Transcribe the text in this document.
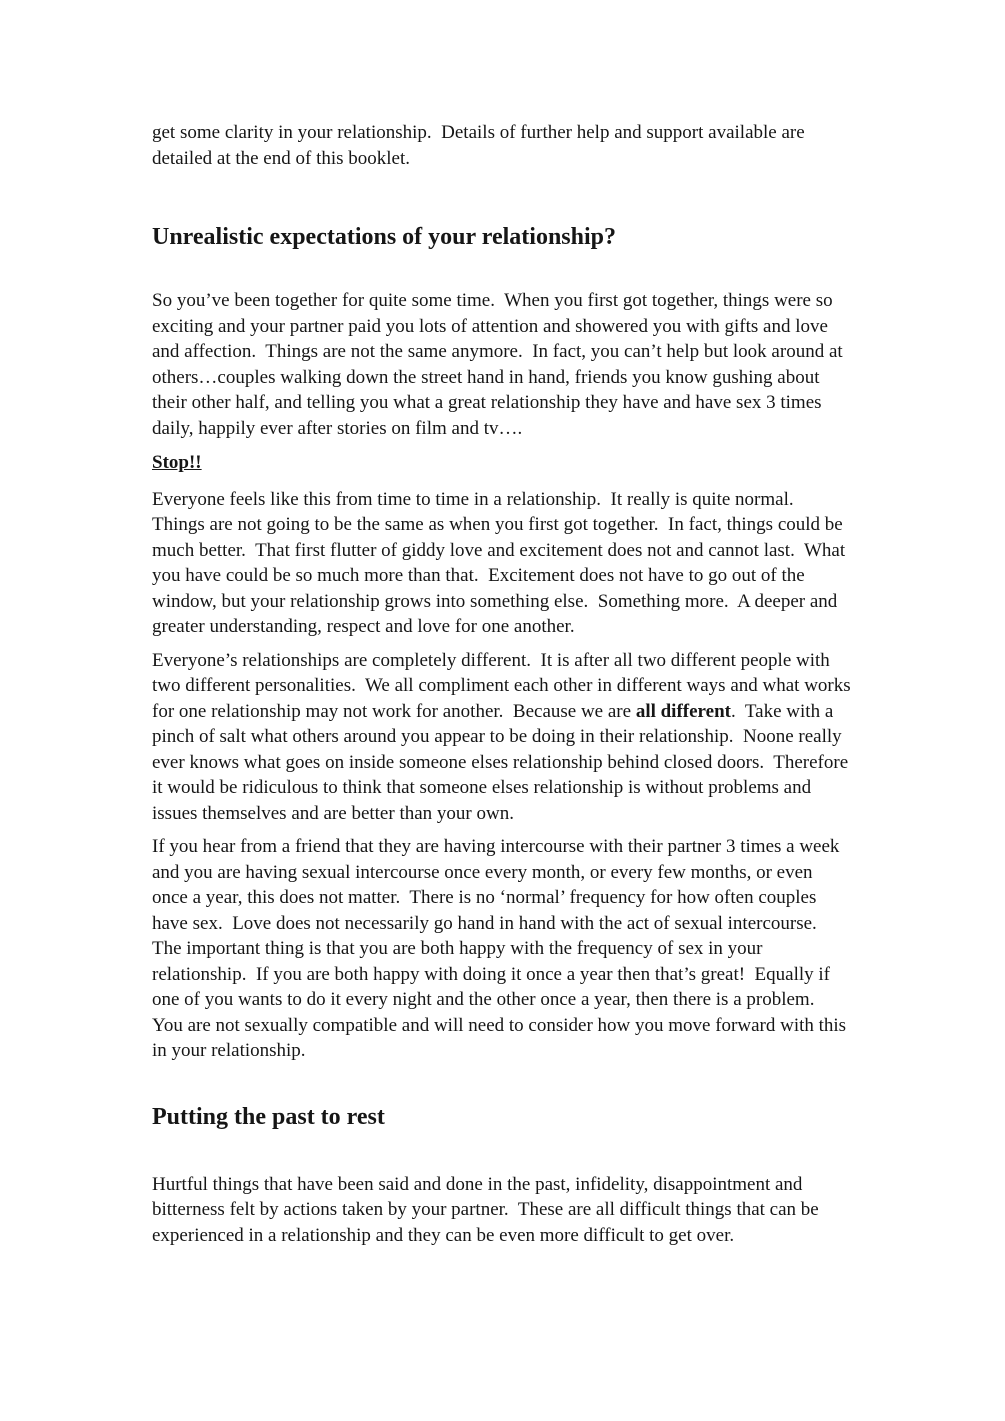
get some clarity in your relationship.  Details of further help and support available are detailed at the end of this booklet.

Unrealistic expectations of your relationship?

So you’ve been together for quite some time.  When you first got together, things were so exciting and your partner paid you lots of attention and showered you with gifts and love and affection.  Things are not the same anymore.  In fact, you can’t help but look around at others…couples walking down the street hand in hand, friends you know gushing about their other half, and telling you what a great relationship they have and have sex 3 times daily, happily ever after stories on film and tv….

Stop!!

Everyone feels like this from time to time in a relationship.  It really is quite normal.  Things are not going to be the same as when you first got together.  In fact, things could be much better.  That first flutter of giddy love and excitement does not and cannot last.  What you have could be so much more than that.  Excitement does not have to go out of the window, but your relationship grows into something else.  Something more.  A deeper and greater understanding, respect and love for one another.

Everyone’s relationships are completely different.  It is after all two different people with two different personalities.  We all compliment each other in different ways and what works for one relationship may not work for another.  Because we are all different.  Take with a pinch of salt what others around you appear to be doing in their relationship.  Noone really ever knows what goes on inside someone elses relationship behind closed doors.  Therefore it would be ridiculous to think that someone elses relationship is without problems and issues themselves and are better than your own.

If you hear from a friend that they are having intercourse with their partner 3 times a week and you are having sexual intercourse once every month, or every few months, or even once a year, this does not matter.  There is no ‘normal’ frequency for how often couples have sex.  Love does not necessarily go hand in hand with the act of sexual intercourse.  The important thing is that you are both happy with the frequency of sex in your relationship.  If you are both happy with doing it once a year then that’s great!  Equally if one of you wants to do it every night and the other once a year, then there is a problem.  You are not sexually compatible and will need to consider how you move forward with this in your relationship.

Putting the past to rest

Hurtful things that have been said and done in the past, infidelity, disappointment and bitterness felt by actions taken by your partner.  These are all difficult things that can be experienced in a relationship and they can be even more difficult to get over.
